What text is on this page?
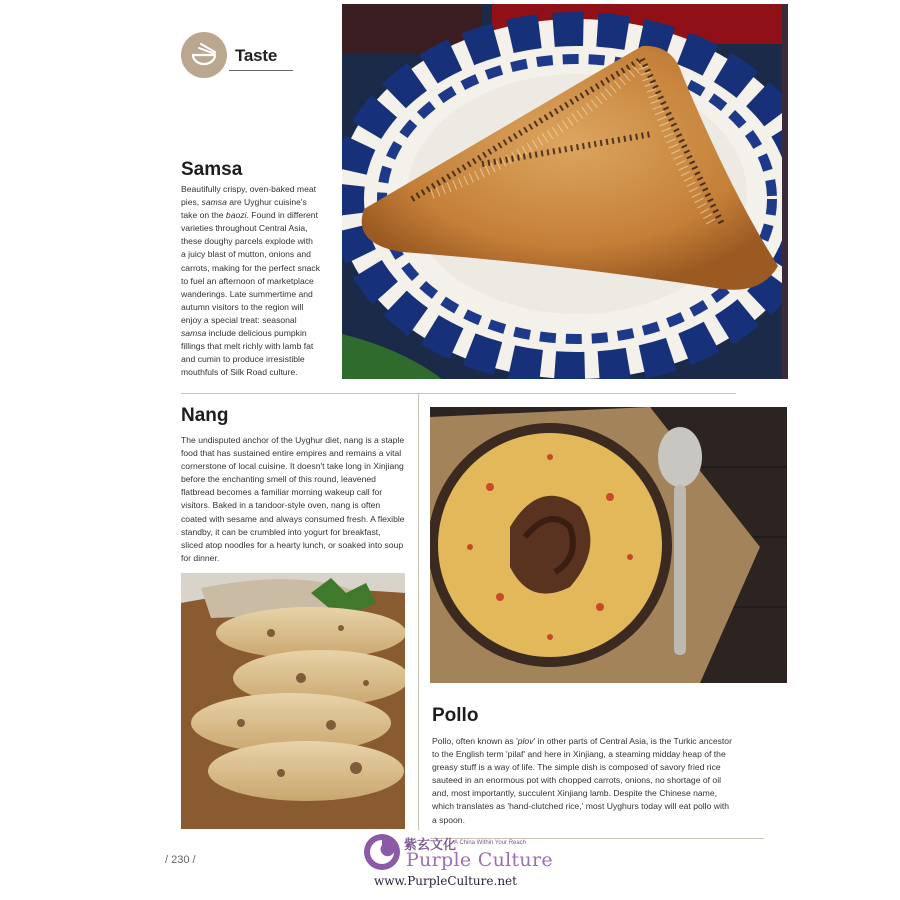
Taste
Samsa

Beautifully crispy, oven-baked meat
pies, samsa are Uyghur cuisine's
take on the baozi. Found in different
varieties throughout Central Asia,
these doughy parcels explode with
a juicy blast of mutton, onions and
carrots, making for the perfect snack
to fuel an afternoon of marketplace
wanderings. Late summertime and
autumn visitors to the region will
enjoy a special treat: seasonal
samsa include delicious pumpkin
fillings that melt richly with lamb fat
and cumin to produce irresistible
mouthfuls of Silk Road culture.

Nang

The undisputed anchor of the Uyghur diet, nang is a staple
food that has sustained entire empires and remains a vital
cornerstone of local cuisine. It doesn't take long in Xinjiang
before the enchanting smell of this round, leavened
flatbread becomes a familiar morning wakeup call for
visitors. Baked in a tandoor-style oven, nang is often
coated with sesame and always consumed fresh. A flexible
standby, it can be crumbled into yogurt for breakfast,
sliced atop noodles for a hearty lunch, or soaked into soup
for dinner.

Pollo

Pollo, often known as 'plov' in other parts of Central Asia, is the Turkic ancestor
to the English term 'pilaf' and here in Xinjiang, a steaming midday heap of the
greasy stuff is a way of life. The simple dish is composed of savory fried rice
sauteed in an enormous pot with chopped carrots, onions, no shortage of oil
and, most importantly, succulent Xinjiang lamb. Despite the Chinese name,
which translates as 'hand-clutched rice,' most Uyghurs today will eat pollo with
a spoon.

/ 230 /
紫玄文化
A China Within Your Reach
Purple Culture
www.PurpleCulture.net
